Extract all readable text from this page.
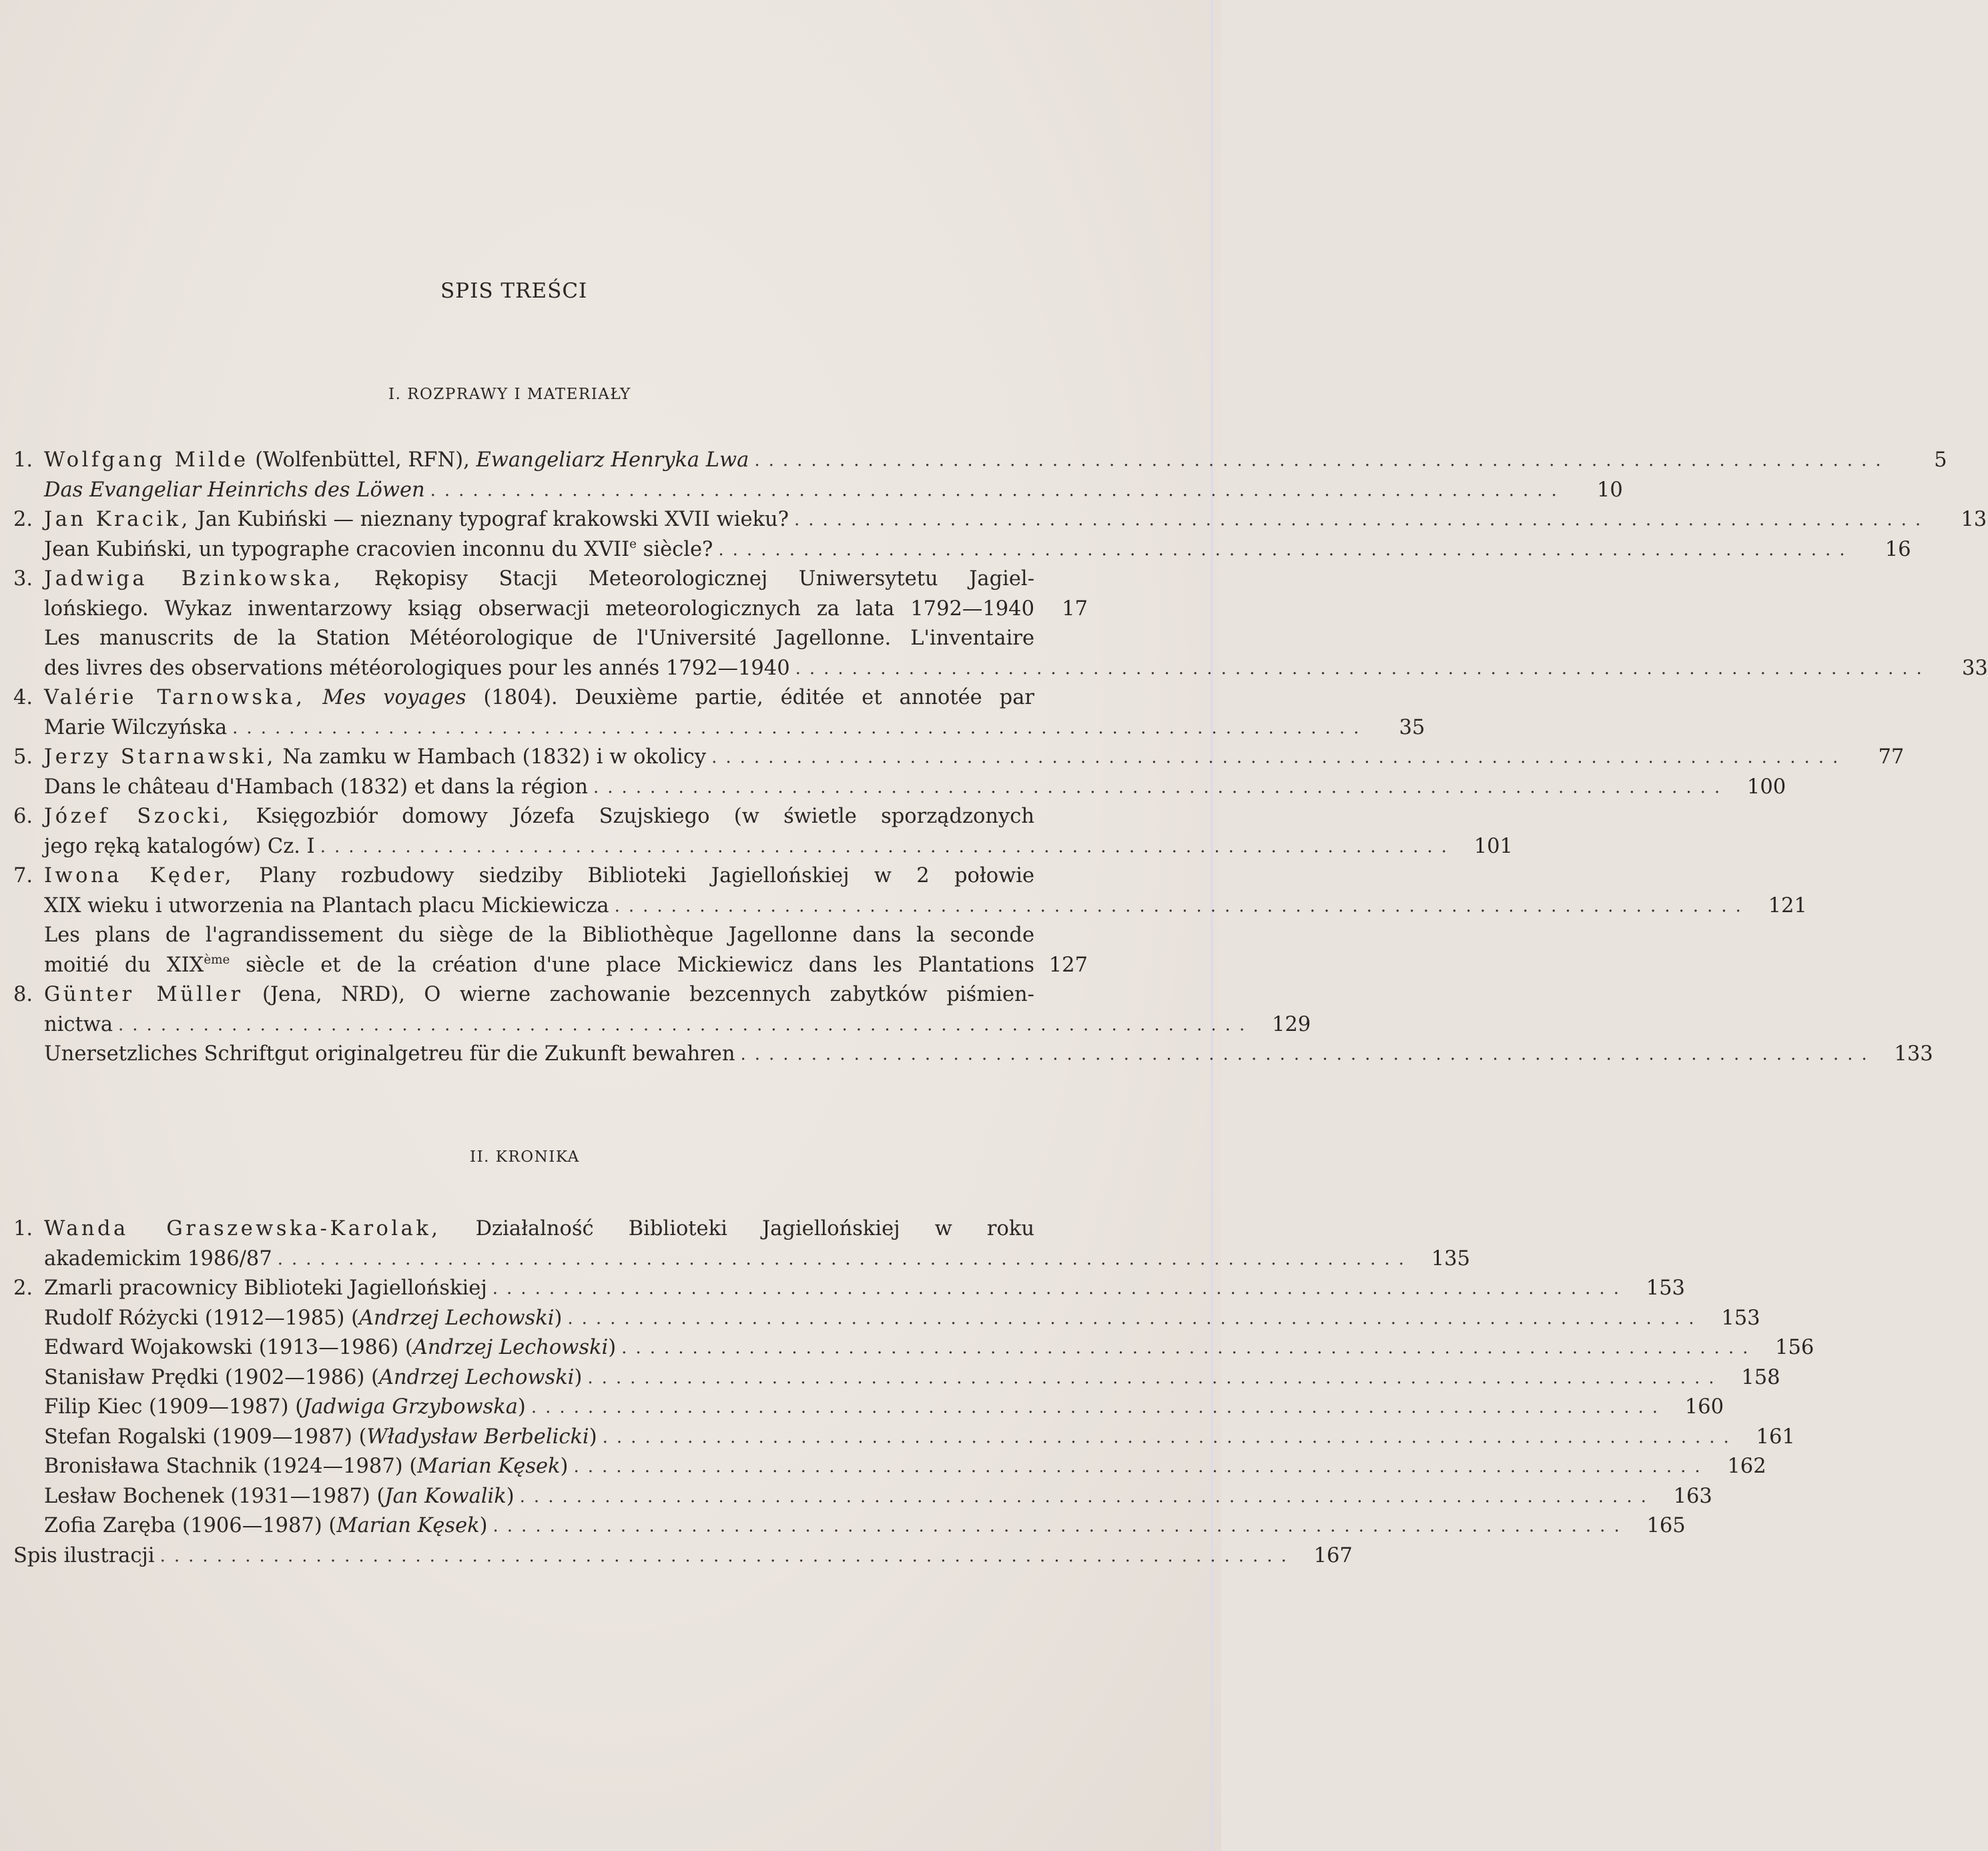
SPIS TREŚCI
I. ROZPRAWY I MATERIAŁY
1. Wolfgang Milde (Wolfenbüttel, RFN), Ewangeliarz Henryka Lwa ................................................................................	5
Das Evangeliar Heinrichs des Löwen ................................................................................	10
2. Jan Kracik, Jan Kubiński — nieznany typograf krakowski XVII wieku? ................................................................................	13
Jean Kubiński, un typographe cracovien inconnu du XVIIe siècle? ................................................................................	16
3. Jadwiga Bzinkowska, Rękopisy Stacji Meteorologicznej Uniwersytetu Jagiel-
lońskiego. Wykaz inwentarzowy ksiąg obserwacji meteorologicznych za lata 1792—1940	17
Les manuscrits de la Station Météorologique de l'Université Jagellonne. L'inventaire
des livres des observations météorologiques pour les annés 1792—1940 ................................................................................	33
4. Valérie Tarnowska, Mes voyages (1804). Deuxième partie, éditée et annotée par
Marie Wilczyńska ................................................................................	35
5. Jerzy Starnawski, Na zamku w Hambach (1832) i w okolicy ................................................................................	77
Dans le château d'Hambach (1832) et dans la région ................................................................................ 100
6. Józef Szocki, Księgozbiór domowy Józefa Szujskiego (w świetle sporządzonych
jego ręką katalogów) Cz. I ................................................................................ 101
7. Iwona Kęder, Plany rozbudowy siedziby Biblioteki Jagiellońskiej w 2 połowie
XIX wieku i utworzenia na Plantach placu Mickiewicza ................................................................................ 121
Les plans de l'agrandissement du siège de la Bibliothèque Jagellonne dans la seconde
moitié du XIXème siècle et de la création d'une place Mickiewicz dans les Plantations 127
8. Günter Müller (Jena, NRD), O wierne zachowanie bezcennych zabytków piśmien-
nictwa ................................................................................ 129
Unersetzliches Schriftgut originalgetreu für die Zukunft bewahren ................................................................................ 133
II. KRONIKA
1. Wanda Graszewska-Karolak, Działalność Biblioteki Jagiellońskiej w roku
akademickim 1986/87 ................................................................................ 135
2. Zmarli pracownicy Biblioteki Jagiellońskiej ................................................................................ 153
Rudolf Różycki (1912—1985) (Andrzej Lechowski) ................................................................................ 153
Edward Wojakowski (1913—1986) (Andrzej Lechowski) ................................................................................ 156
Stanisław Prędki (1902—1986) (Andrzej Lechowski) ................................................................................ 158
Filip Kiec (1909—1987) (Jadwiga Grzybowska) ................................................................................ 160
Stefan Rogalski (1909—1987) (Władysław Berbelicki) ................................................................................ 161
Bronisława Stachnik (1924—1987) (Marian Kęsek) ................................................................................ 162
Lesław Bochenek (1931—1987) (Jan Kowalik) ................................................................................ 163
Zofia Zaręba (1906—1987) (Marian Kęsek) ................................................................................ 165
Spis ilustracji ................................................................................ 167
